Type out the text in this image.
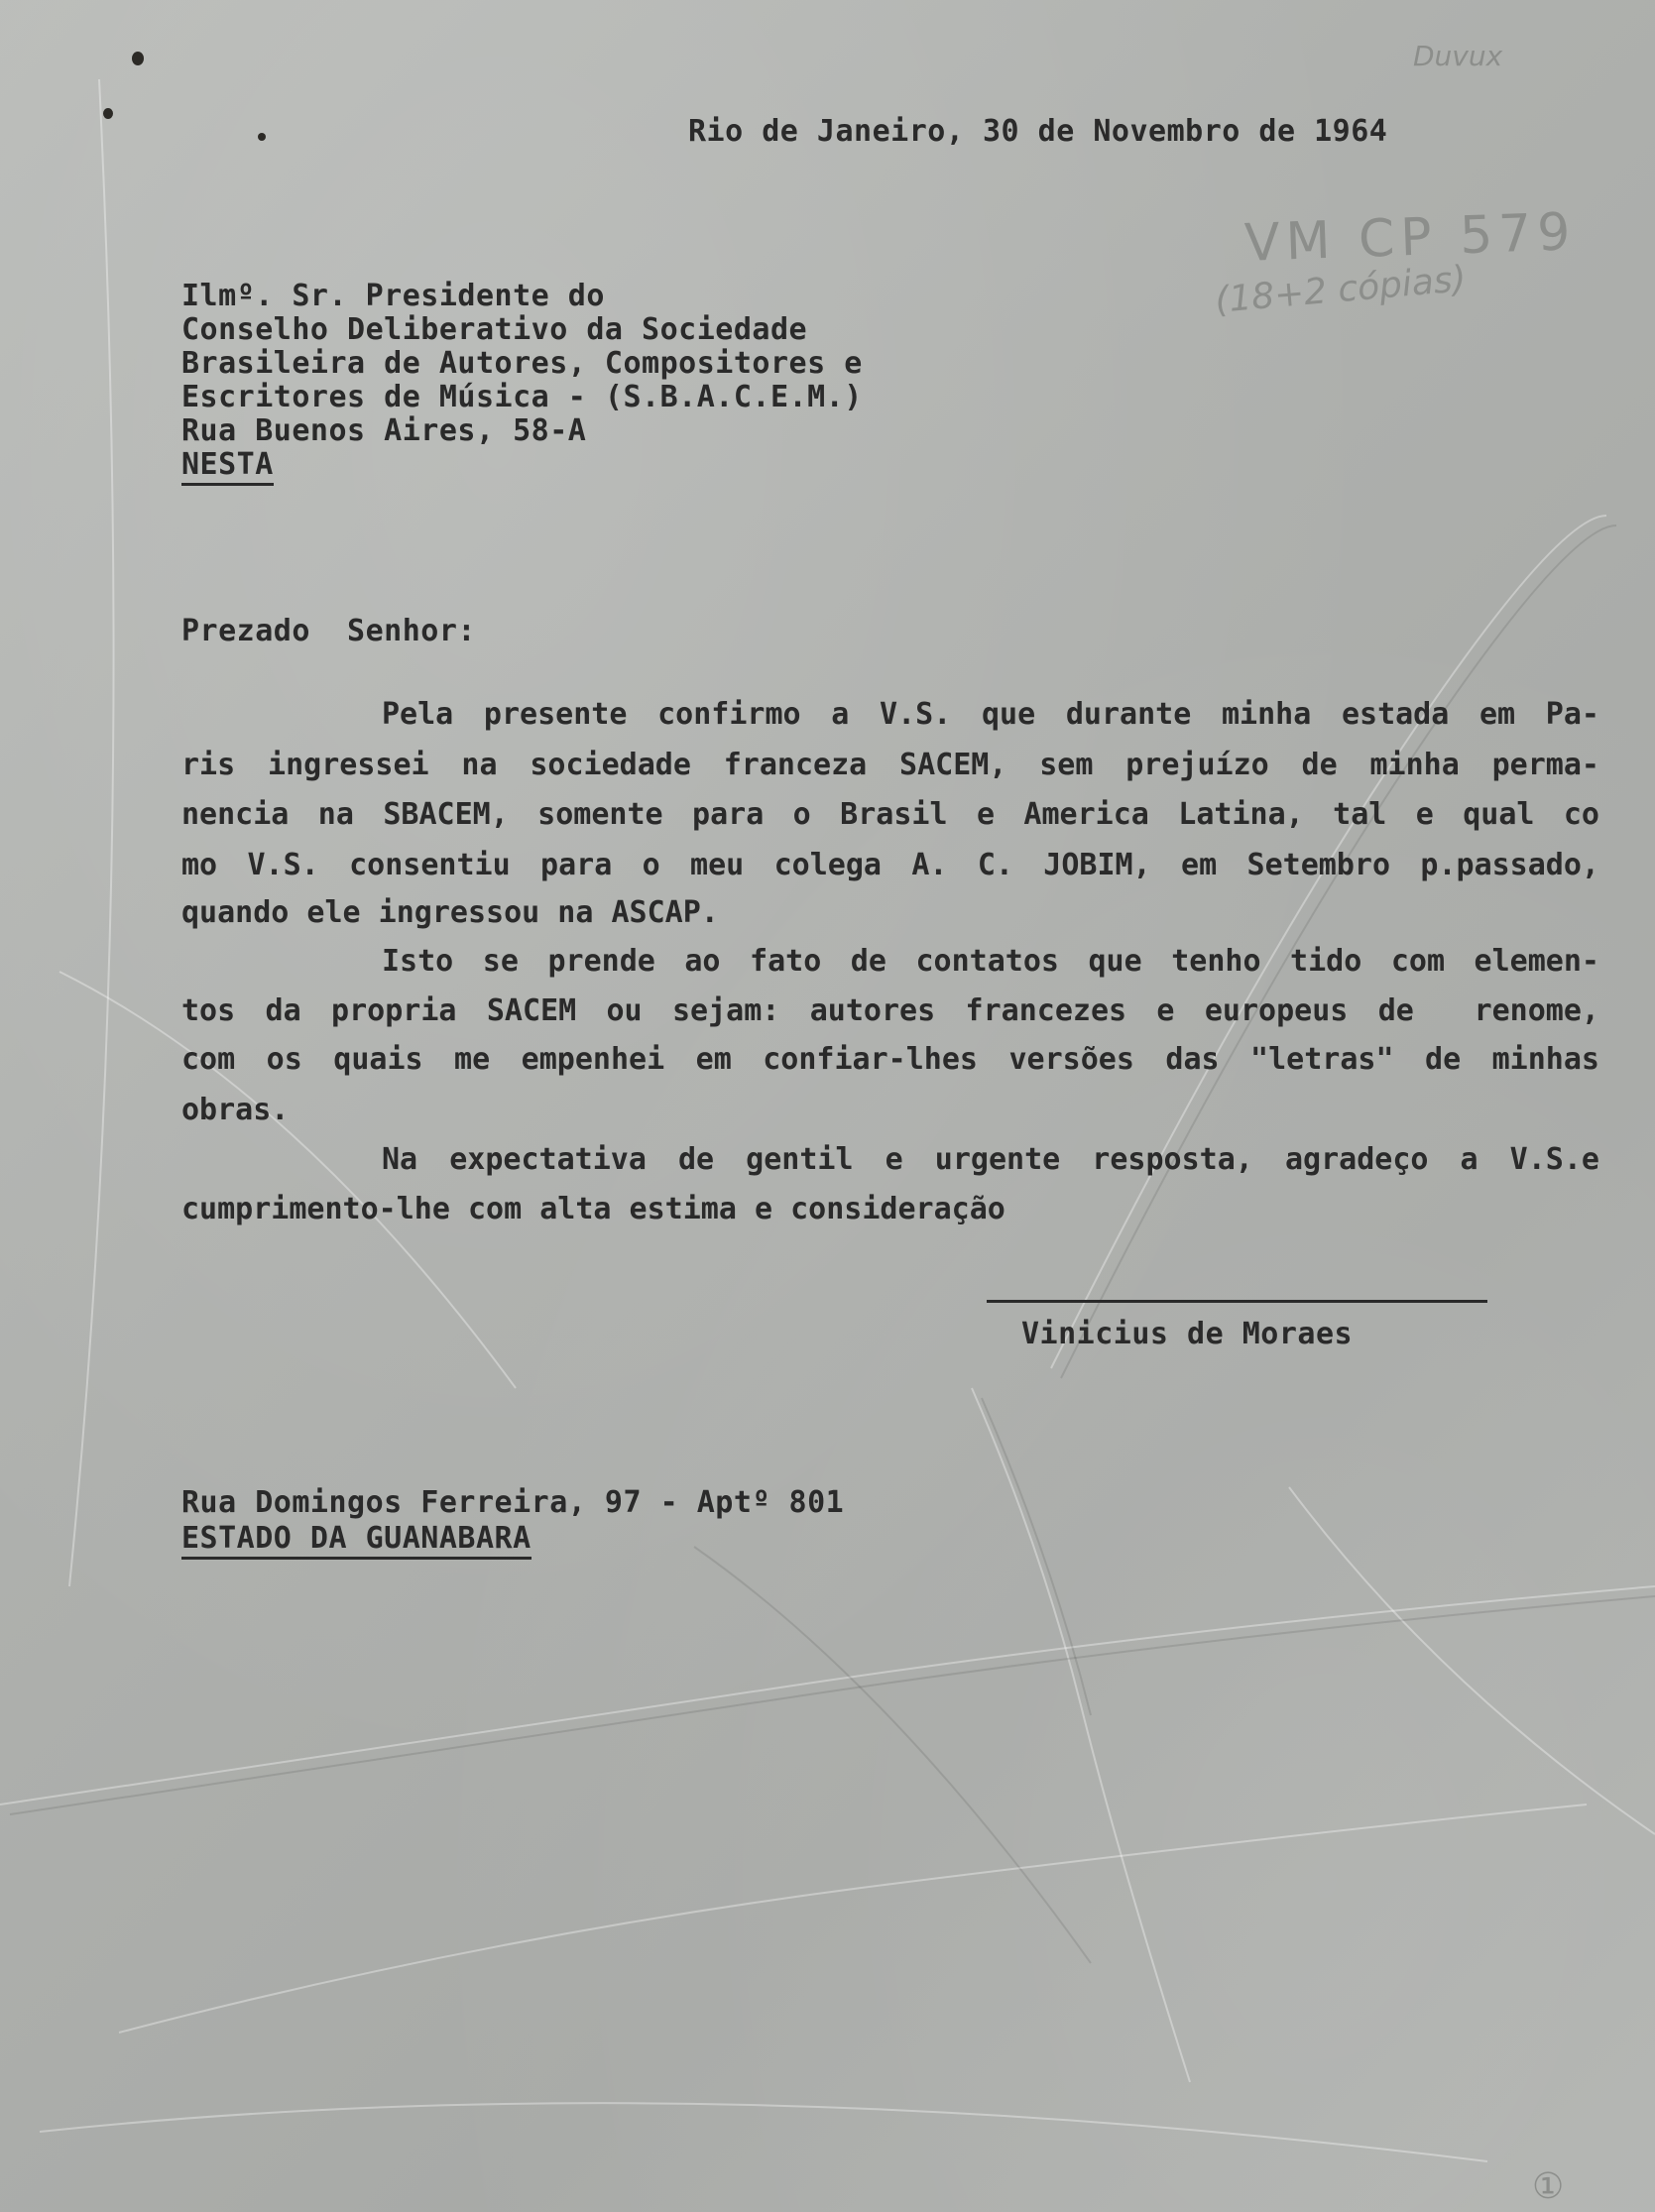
Duvux
VM CP 579
(18+2 cópias)
①
Rio de Janeiro, 30 de Novembro de 1964
Ilmº. Sr. Presidente do
Conselho Deliberativo da Sociedade
Brasileira de Autores, Compositores e
Escritores de Música - (S.B.A.C.E.M.)
Rua Buenos Aires, 58-A
NESTA
Prezado  Senhor:
Pela presente confirmo a V.S. que durante minha estada em Pa-
ris ingressei na sociedade franceza SACEM, sem prejuízo de minha perma-
nencia na SBACEM, somente para o Brasil e America Latina, tal e qual co
mo V.S. consentiu para o meu colega A. C. JOBIM, em Setembro p.passado,
quando ele ingressou na ASCAP.
Isto se prende ao fato de contatos que tenho tido com elemen-
tos da propria SACEM ou sejam: autores francezes e europeus de  renome,
com os quais me empenhei em confiar-lhes versões das "letras" de minhas
obras.
Na expectativa de gentil e urgente resposta, agradeço a V.S.e
cumprimento-lhe com alta estima e consideração
Vinicius de Moraes
Rua Domingos Ferreira, 97 - Aptº 801
ESTADO DA GUANABARA
